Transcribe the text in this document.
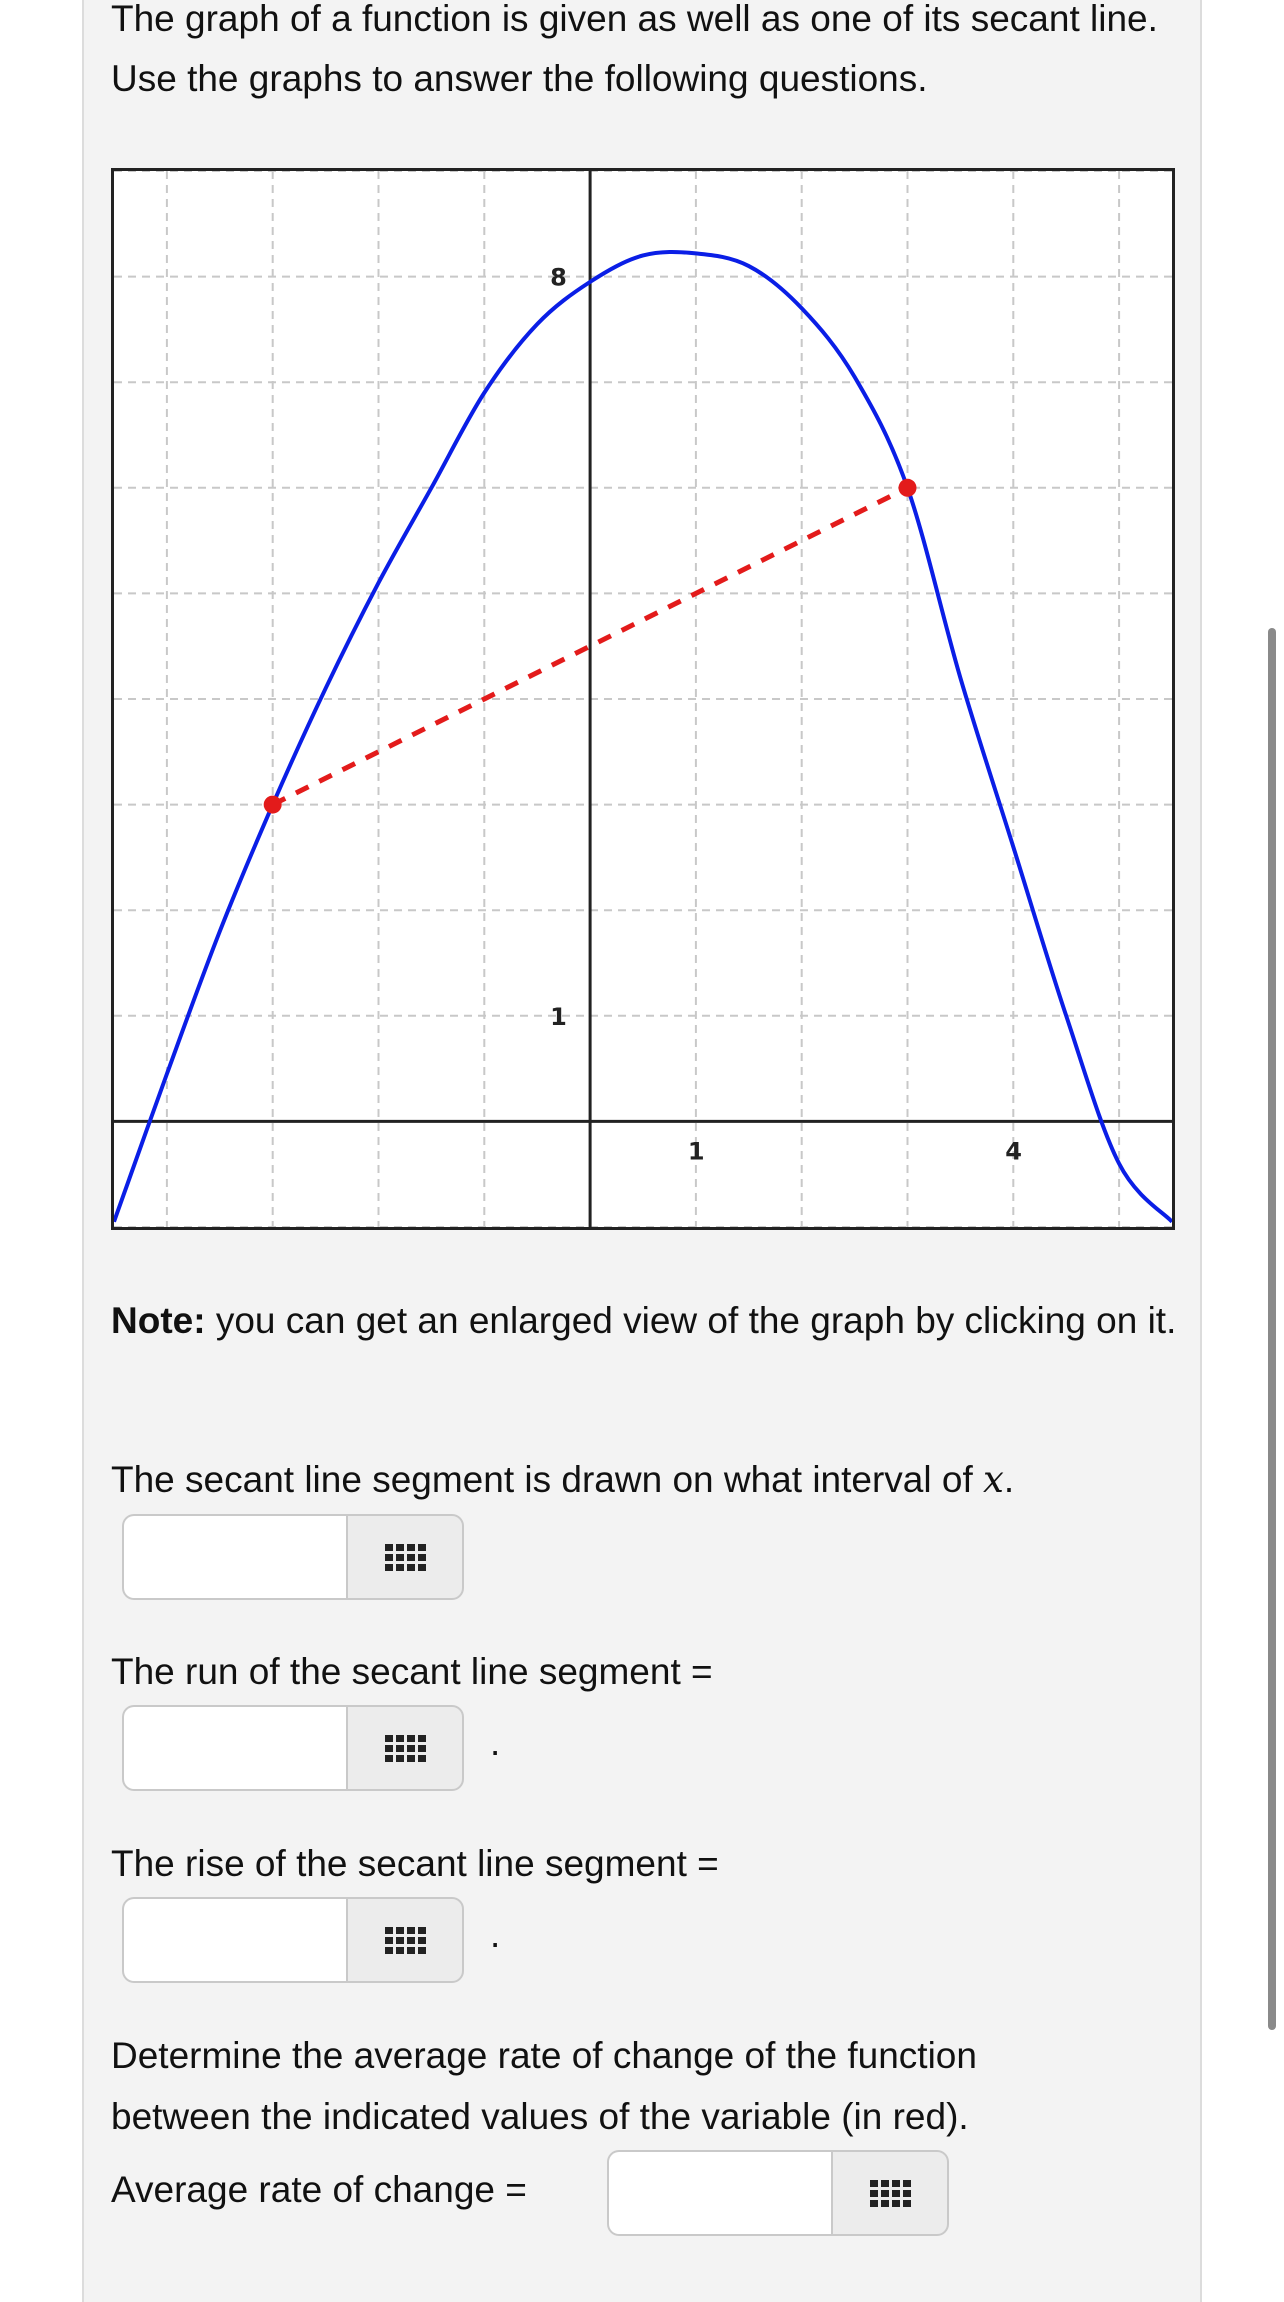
The graph of a function is given as well as one of its secant line. Use the graphs to answer the following questions.

8
1
1	4

Note: you can get an enlarged view of the graph by clicking on it.

The secant line segment is drawn on what interval of x.

The run of the secant line segment =

.

The rise of the secant line segment =

.

Determine the average rate of change of the function

between the indicated values of the variable (in red).

Average rate of change =
